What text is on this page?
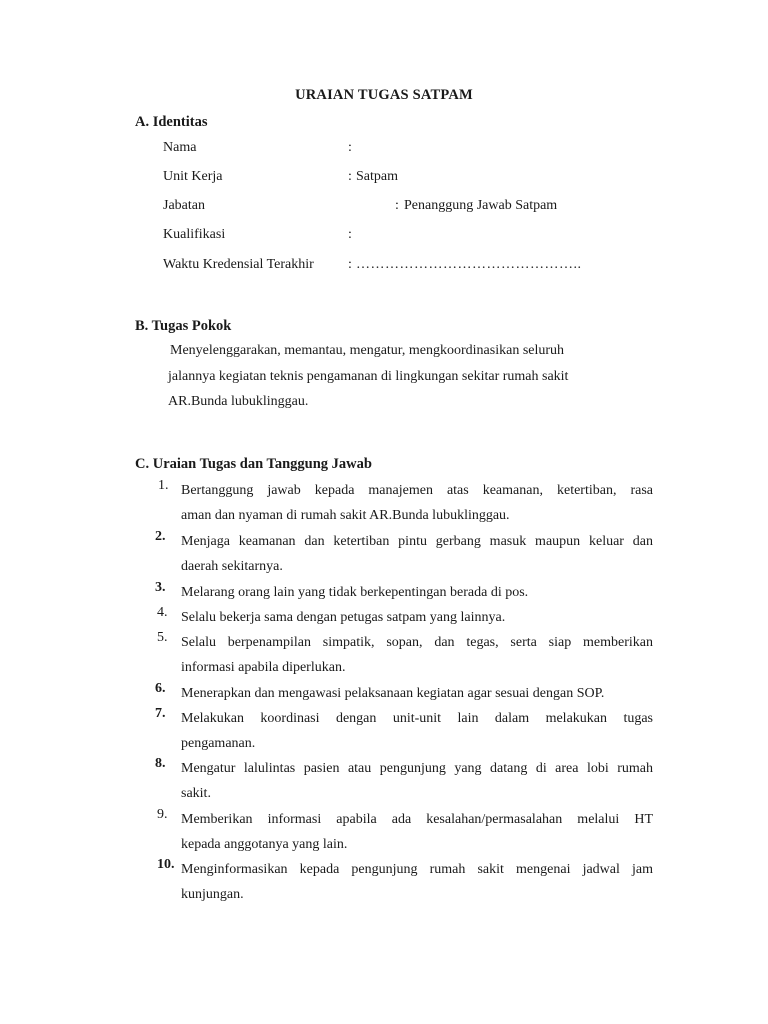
URAIAN TUGAS SATPAM
A. Identitas
Nama	:
Unit Kerja	: Satpam
Jabatan	: Penanggung Jawab Satpam
Kualifikasi	:
Waktu Kredensial Terakhir : ………………………………………..
B. Tugas Pokok
Menyelenggarakan, memantau, mengatur, mengkoordinasikan seluruh
jalannya kegiatan teknis pengamanan di lingkungan sekitar rumah sakit
AR.Bunda lubuklinggau.
C. Uraian Tugas dan Tanggung Jawab
1. Bertanggung jawab kepada manajemen atas keamanan, ketertiban, rasa
aman dan nyaman di rumah sakit AR.Bunda lubuklinggau.
2.	Menjaga keamanan dan ketertiban pintu gerbang masuk maupun keluar dan
daerah sekitarnya.
3.	Melarang orang lain yang tidak berkepentingan berada di pos.
4. Selalu bekerja sama dengan petugas satpam yang lainnya.
5. Selalu berpenampilan simpatik, sopan, dan tegas, serta siap memberikan
informasi apabila diperlukan.
6.	Menerapkan dan mengawasi pelaksanaan kegiatan agar sesuai dengan SOP.
7.	Melakukan koordinasi dengan unit-unit lain dalam melakukan tugas
pengamanan.
8.	Mengatur lalulintas pasien atau pengunjung yang datang di area lobi rumah
sakit.
9. Memberikan informasi apabila ada kesalahan/permasalahan melalui HT
kepada anggotanya yang lain.
10. Menginformasikan kepada pengunjung rumah sakit mengenai jadwal jam
kunjungan.
